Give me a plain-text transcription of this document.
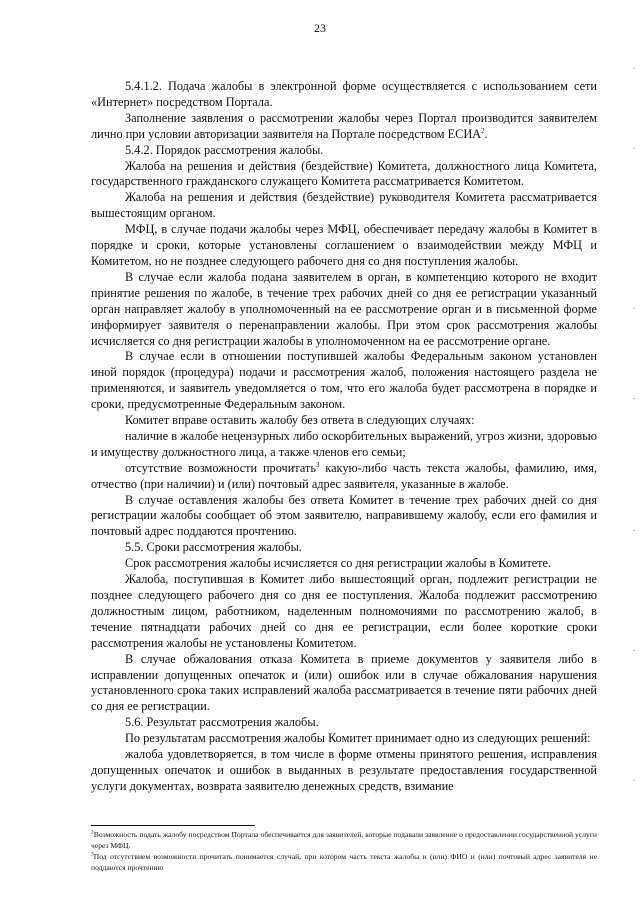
23

5.4.1.2. Подача жалобы в электронной форме осуществляется с использованием сети «Интернет» посредством Портала.

Заполнение заявления о рассмотрении жалобы через Портал производится заявителем лично при условии авторизации заявителя на Портале посредством ЕСИА$^2$.

5.4.2. Порядок рассмотрения жалобы.

Жалоба на решения и действия (бездействие) Комитета, должностного лица Комитета, государственного гражданского служащего Комитета рассматривается Комитетом.

Жалоба на решения и действия (бездействие) руководителя Комитета рассматривается вышестоящим органом.

МФЦ, в случае подачи жалобы через МФЦ, обеспечивает передачу жалобы в Комитет в порядке и сроки, которые установлены соглашением о взаимодействии между МФЦ и Комитетом, но не позднее следующего рабочего дня со дня поступления жалобы.

В случае если жалоба подана заявителем в орган, в компетенцию которого не входит принятие решения по жалобе, в течение трех рабочих дней со дня ее регистрации указанный орган направляет жалобу в уполномоченный на ее рассмотрение орган и в письменной форме информирует заявителя о перенаправлении жалобы. При этом срок рассмотрения жалобы исчисляется со дня регистрации жалобы в уполномоченном на ее рассмотрение органе.

В случае если в отношении поступившей жалобы Федеральным законом установлен иной порядок (процедура) подачи и рассмотрения жалоб, положения настоящего раздела не применяются, и заявитель уведомляется о том, что его жалоба будет рассмотрена в порядке и сроки, предусмотренные Федеральным законом.

Комитет вправе оставить жалобу без ответа в следующих случаях:

наличие в жалобе нецензурных либо оскорбительных выражений, угроз жизни, здоровью и имуществу должностного лица, а также членов его семьи;

отсутствие возможности прочитать$^3$ какую-либо часть текста жалобы, фамилию, имя, отчество (при наличии) и (или) почтовый адрес заявителя, указанные в жалобе.

В случае оставления жалобы без ответа Комитет в течение трех рабочих дней со дня регистрации жалобы сообщает об этом заявителю, направившему жалобу, если его фамилия и почтовый адрес поддаются прочтению.

5.5. Сроки рассмотрения жалобы.

Срок рассмотрения жалобы исчисляется со дня регистрации жалобы в Комитете.

Жалоба, поступившая в Комитет либо вышестоящий орган, подлежит регистрации не позднее следующего рабочего дня со дня ее поступления. Жалоба подлежит рассмотрению должностным лицом, работником, наделенным полномочиями по рассмотрению жалоб, в течение пятнадцати рабочих дней со дня ее регистрации, если более короткие сроки рассмотрения жалобы не установлены Комитетом.

В случае обжалования отказа Комитета в приеме документов у заявителя либо в исправлении допущенных опечаток и (или) ошибок или в случае обжалования нарушения установленного срока таких исправлений жалоба рассматривается в течение пяти рабочих дней со дня ее регистрации.

5.6. Результат рассмотрения жалобы.

По результатам рассмотрения жалобы Комитет принимает одно из следующих решений:

жалоба удовлетворяется, в том числе в форме отмены принятого решения, исправления допущенных опечаток и ошибок в выданных в результате предоставления государственной услуги документах, возврата заявителю денежных средств, взимание

$^2$Возможность подать жалобу посредством Портала обеспечивается для заявителей, которые подавали заявление о предоставлении государственной услуги через МФЦ.

$^3$Под отсутствием возможности прочитать понимается случай, при котором часть текста жалобы и (или) ФИО и (или) почтовый адрес заявителя не поддаются прочтению
